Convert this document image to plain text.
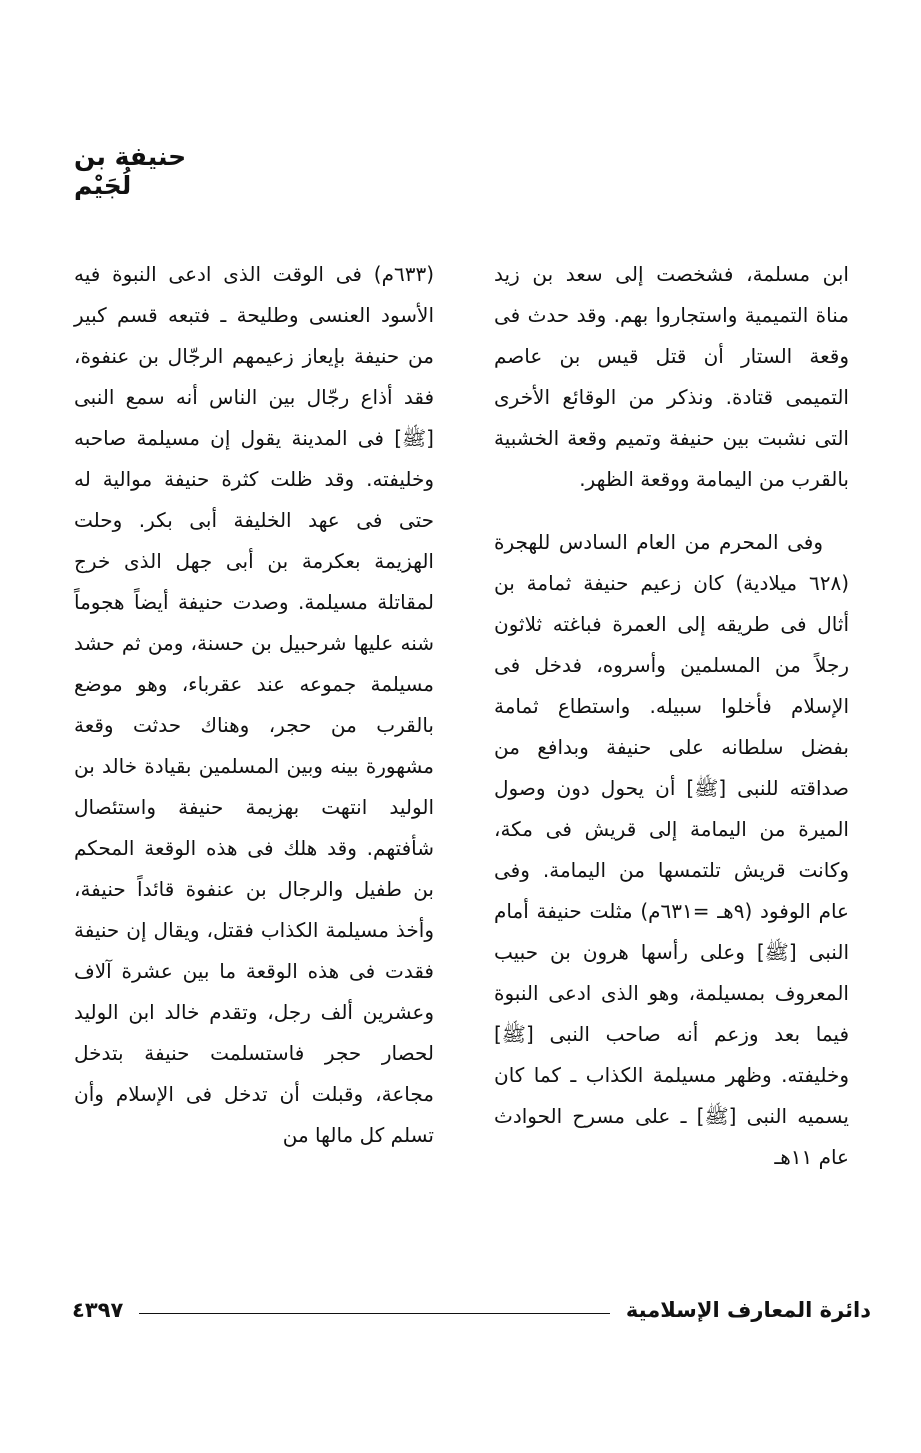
حنيفة بن لُجَيْم

ابن مسلمة، فشخصت إلى سعد بن زيد مناة التميمية واستجاروا بهم. وقد حدث فى وقعة الستار أن قتل قيس بن عاصم التميمى قتادة. ونذكر من الوقائع الأخرى التى نشبت بين حنيفة وتميم وقعة الخشبية بالقرب من اليمامة ووقعة الظهر.

وفى المحرم من العام السادس للهجرة (٦٢٨ ميلادية) كان زعيم حنيفة ثمامة بن أثال فى طريقه إلى العمرة فباغته ثلاثون رجلاً من المسلمين وأسروه، فدخل فى الإسلام فأخلوا سبيله. واستطاع ثمامة بفضل سلطانه على حنيفة وبدافع من صداقته للنبى [ﷺ] أن يحول دون وصول الميرة من اليمامة إلى قريش فى مكة، وكانت قريش تلتمسها من اليمامة. وفى عام الوفود (٩هـ =٦٣١م) مثلت حنيفة أمام النبى [ﷺ] وعلى رأسها هرون بن حبيب المعروف بمسيلمة، وهو الذى ادعى النبوة فيما بعد وزعم أنه صاحب النبى [ﷺ] وخليفته. وظهر مسيلمة الكذاب ـ كما كان يسميه النبى [ﷺ] ـ على مسرح الحوادث عام ١١هـ

(٦٣٣م) فى الوقت الذى ادعى النبوة فيه الأسود العنسى وطليحة ـ فتبعه قسم كبير من حنيفة بإيعاز زعيمهم الرجّال بن عنفوة، فقد أذاع رجّال بين الناس أنه سمع النبى [ﷺ] فى المدينة يقول إن مسيلمة صاحبه وخليفته. وقد ظلت كثرة حنيفة موالية له حتى فى عهد الخليفة أبى بكر. وحلت الهزيمة بعكرمة بن أبى جهل الذى خرج لمقاتلة مسيلمة. وصدت حنيفة أيضاً هجوماً شنه عليها شرحبيل بن حسنة، ومن ثم حشد مسيلمة جموعه عند عقرباء، وهو موضع بالقرب من حجر، وهناك حدثت وقعة مشهورة بينه وبين المسلمين بقيادة خالد بن الوليد انتهت بهزيمة حنيفة واستئصال شأفتهم. وقد هلك فى هذه الوقعة المحكم بن طفيل والرجال بن عنفوة قائداً حنيفة، وأخذ مسيلمة الكذاب فقتل، ويقال إن حنيفة فقدت فى هذه الوقعة ما بين عشرة آلاف وعشرين ألف رجل، وتقدم خالد ابن الوليد لحصار حجر فاستسلمت حنيفة بتدخل مجاعة، وقبلت أن تدخل فى الإسلام وأن تسلم كل مالها من

دائرة المعارف الإسلامية
٤٣٩٧
